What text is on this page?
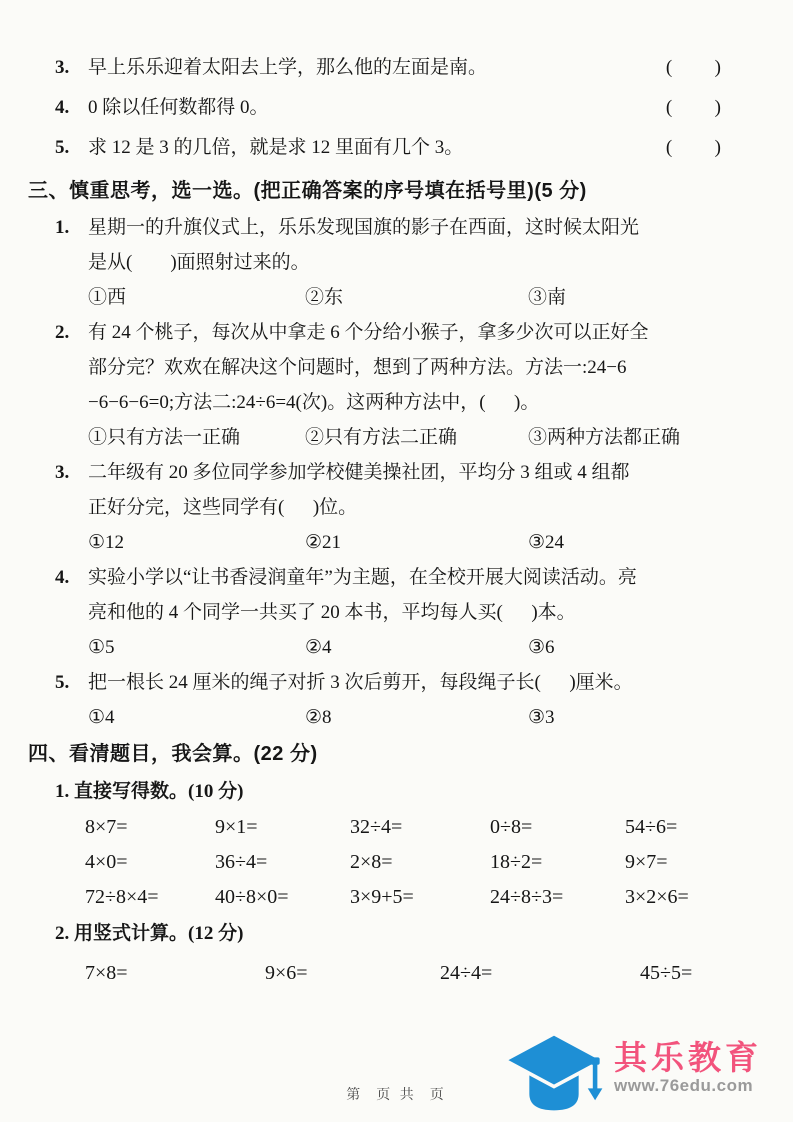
3. 早上乐乐迎着太阳去上学，那么他的左面是南。	(      )
4. 0 除以任何数都得 0。	(      )
5. 求 12 是 3 的几倍，就是求 12 里面有几个 3。	(      )
三、慎重思考，选一选。(把正确答案的序号填在括号里)(5 分)
1. 星期一的升旗仪式上，乐乐发现国旗的影子在西面，这时候太阳光
是从(        )面照射过来的。
①西	②东	③南
2. 有 24 个桃子，每次从中拿走 6 个分给小猴子，拿多少次可以正好全
部分完？欢欢在解决这个问题时，想到了两种方法。方法一:24−6
−6−6−6=0;方法二:24÷6=4(次)。这两种方法中，(      )。
①只有方法一正确	②只有方法二正确	③两种方法都正确
3. 二年级有 20 多位同学参加学校健美操社团，平均分 3 组或 4 组都
正好分完，这些同学有(      )位。
①12	②21	③24
4. 实验小学以“让书香浸润童年”为主题，在全校开展大阅读活动。亮
亮和他的 4 个同学一共买了 20 本书，平均每人买(      )本。
①5	②4	③6
5. 把一根长 24 厘米的绳子对折 3 次后剪开，每段绳子长(      )厘米。
①4	②8	③3
四、看清题目，我会算。(22 分)
1. 直接写得数。(10 分)
8×7=	9×1=	32÷4=	0÷8=	54÷6=
4×0=	36÷4=	2×8=	18÷2=	9×7=
72÷8×4=	40÷8×0=	3×9+5=	24÷8÷3=	3×2×6=
2. 用竖式计算。(12 分)
7×8=	9×6=	24÷4=	45÷5=
其乐教育
www.76edu.com
第  页 共  页
